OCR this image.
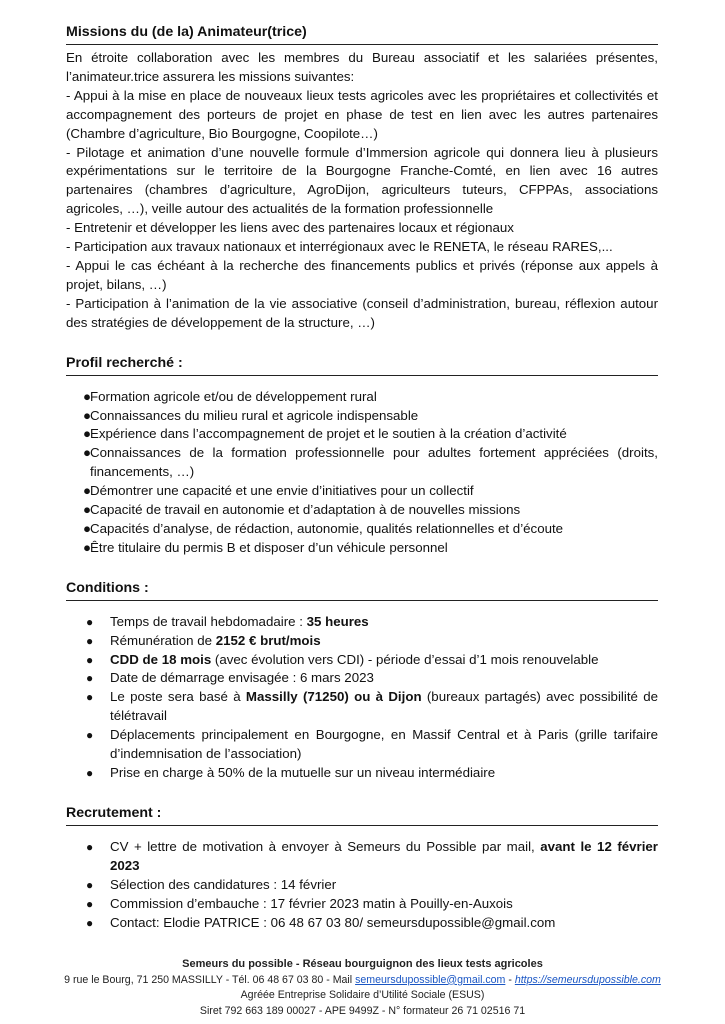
Missions du (de la) Animateur(trice)

En étroite collaboration avec les membres du Bureau associatif et les salariées présentes, l’animateur.trice assurera les missions suivantes:

- Appui à la mise en place de nouveaux lieux tests agricoles avec les propriétaires et collectivités et accompagnement des porteurs de projet en phase de test en lien avec les autres partenaires (Chambre d’agriculture, Bio Bourgogne, Coopilote…)

- Pilotage et animation d’une nouvelle formule d’Immersion agricole qui donnera lieu à plusieurs expérimentations sur le territoire de la Bourgogne Franche-Comté, en lien avec 16 autres partenaires (chambres d’agriculture, AgroDijon, agriculteurs tuteurs, CFPPAs, associations agricoles, …), veille autour des actualités de la formation professionnelle

- Entretenir et développer les liens avec des partenaires locaux et régionaux

- Participation aux travaux nationaux et interrégionaux avec le RENETA, le réseau RARES,...

- Appui le cas échéant à la recherche des financements publics et privés (réponse aux appels à projet, bilans, …)

- Participation à l’animation de la vie associative (conseil d’administration, bureau, réflexion autour des stratégies de développement de la structure, …)

Profil recherché :
●
Formation agricole et/ou de développement rural
●
Connaissances du milieu rural et agricole indispensable
●
Expérience dans l’accompagnement de projet et le soutien à la création d’activité
●
Connaissances de la formation professionnelle pour adultes fortement appréciées (droits, financements, …)
●
Démontrer une capacité et une envie d’initiatives pour un collectif
●
Capacité de travail en autonomie et d’adaptation à de nouvelles missions
●
Capacités d’analyse, de rédaction, autonomie, qualités relationnelles et d’écoute
●
Être titulaire du permis B et disposer d’un véhicule personnel
Conditions :
● Temps de travail hebdomadaire : 35 heures
● Rémunération de 2152 € brut/mois
● CDD de 18 mois (avec évolution vers CDI) - période d’essai d’1 mois renouvelable
● Date de démarrage envisagée : 6 mars 2023
● Le poste sera basé à Massilly (71250) ou à Dijon (bureaux partagés) avec possibilité de télétravail
● Déplacements principalement en Bourgogne, en Massif Central et à Paris (grille tarifaire d’indemnisation de l’association)
● Prise en charge à 50% de la mutuelle sur un niveau intermédiaire
Recrutement :
● CV + lettre de motivation à envoyer à Semeurs du Possible par mail, avant le 12 février 2023
● Sélection des candidatures : 14 février
● Commission d’embauche : 17 février 2023 matin à Pouilly-en-Auxois
● Contact: Elodie PATRICE : 06 48 67 03 80/ semeursdupossible@gmail.com
Semeurs du possible - Réseau bourguignon des lieux tests agricoles
9 rue le Bourg, 71 250 MASSILLY - Tél. 06 48 67 03 80 - Mail semeursdupossible@gmail.com - https://semeursdupossible.com
Agréée Entreprise Solidaire d’Utilité Sociale (ESUS)
Siret 792 663 189 00027 - APE 9499Z - N° formateur 26 71 02516 71
